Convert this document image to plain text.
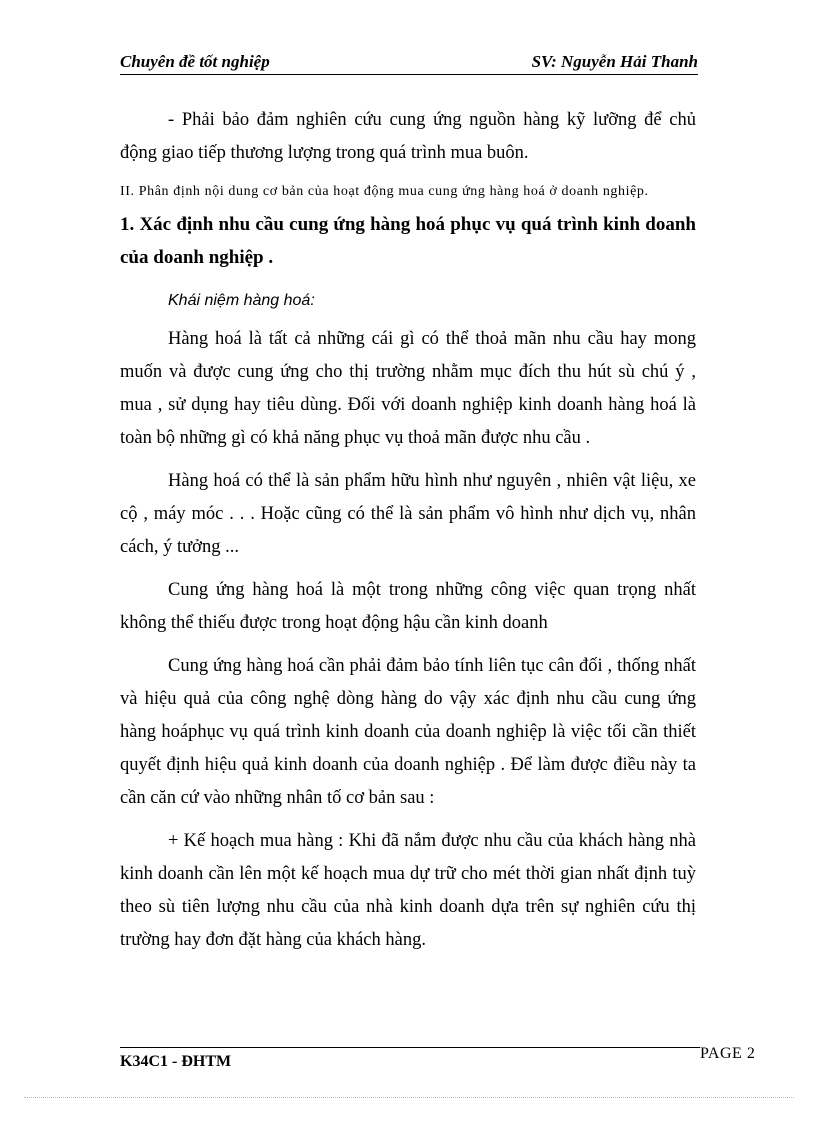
Chuyên đề tốt nghiệp	SV: Nguyễn Hải Thanh

- Phải bảo đảm nghiên cứu cung ứng nguồn hàng kỹ lưỡng để chủ động giao tiếp thương lượng trong quá trình mua buôn.

II. Phân định nội dung cơ bản của hoạt động mua cung ứng hàng hoá ở doanh nghiệp.

1. Xác định nhu cầu cung ứng hàng hoá phục vụ quá trình kinh doanh của doanh nghiệp .

Khái niệm hàng hoá:

Hàng hoá là tất cả những cái gì có thể thoả mãn nhu cầu hay mong muốn và được cung ứng cho thị trường nhằm mục đích thu hút sù chú ý , mua , sử dụng hay tiêu dùng. Đối với doanh nghiệp kinh doanh hàng hoá là toàn bộ những gì có khả năng phục vụ thoả mãn được nhu cầu .

Hàng hoá có thể là sản phẩm hữu hình như nguyên , nhiên vật liệu, xe cộ , máy móc . . . Hoặc cũng có thể là sản phẩm vô hình như dịch vụ, nhân cách, ý tưởng ...

Cung ứng hàng hoá là một trong những công việc quan trọng nhất không thể thiếu được trong hoạt động hậu cần kinh doanh

Cung ứng hàng hoá cần phải đảm bảo tính liên tục cân đối , thống nhất và hiệu quả của công nghệ dòng hàng do vậy xác định nhu cầu cung ứng hàng hoáphục vụ quá trình kinh doanh của doanh nghiệp là việc tối cần thiết quyết định hiệu quả kinh doanh của doanh nghiệp . Để làm được điều này ta cần căn cứ vào những nhân tố cơ bản sau :

+ Kế hoạch mua hàng : Khi đã nắm được nhu cầu của khách hàng nhà kinh doanh cần lên một kế hoạch mua dự trữ cho mét thời gian nhất định tuỳ theo sù tiên lượng nhu cầu của nhà kinh doanh dựa trên sự nghiên cứu thị trường hay đơn đặt hàng của khách hàng.

K34C1 - ĐHTM	PAGE 2
